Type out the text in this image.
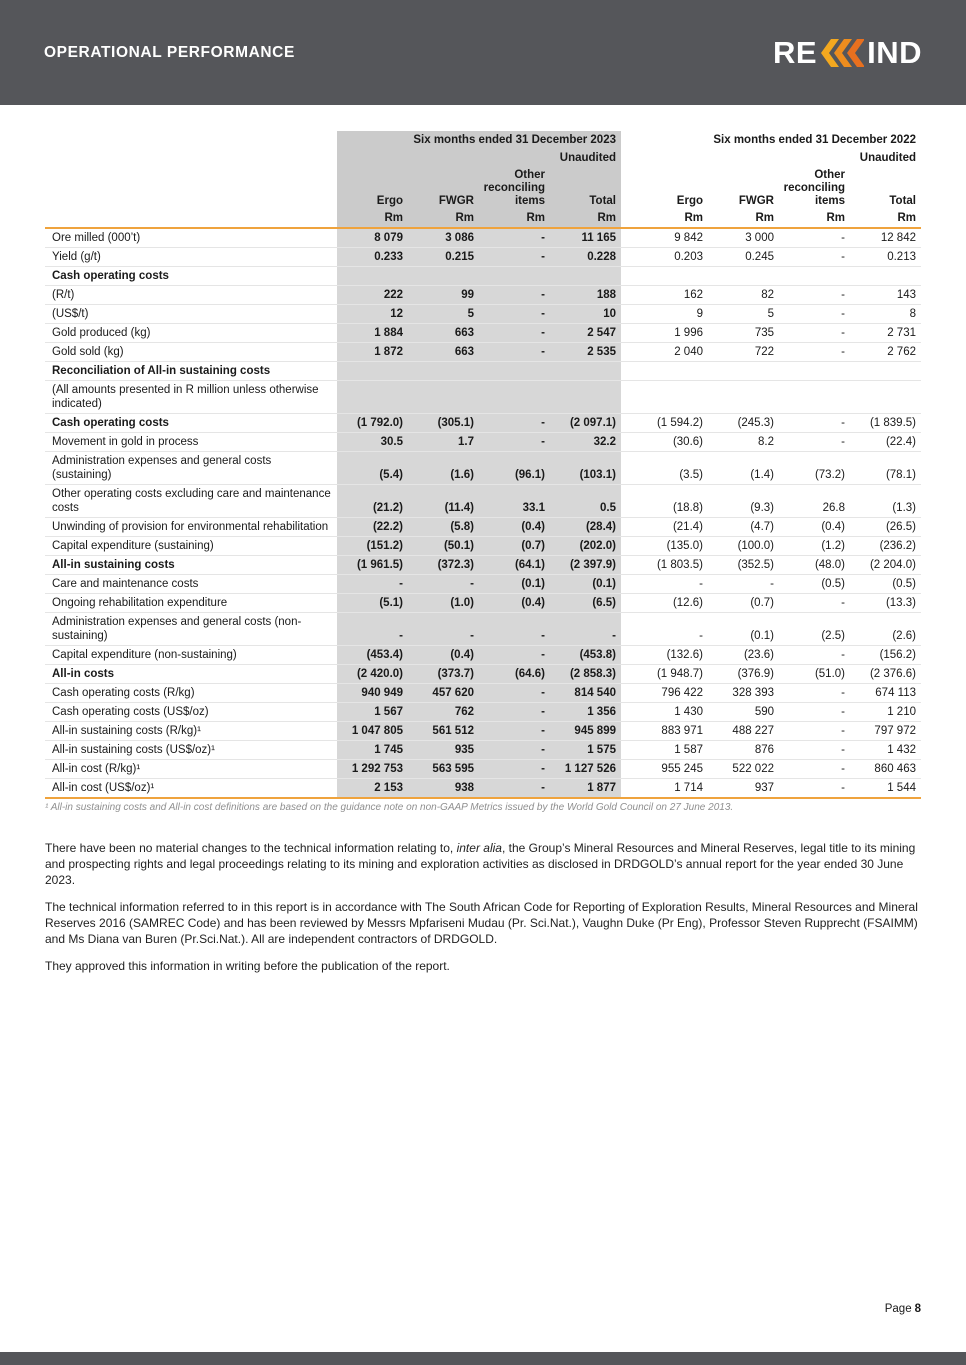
OPERATIONAL PERFORMANCE	RE IND
	Six months ended 31 December 2023					Six months ended 31 December 2022			
	Unaudited					Unaudited			
	Ergo	FWGR	Other reconciling items	Total		Ergo	FWGR	Other reconciling items	Total
	Rm	Rm	Rm	Rm		Rm	Rm	Rm	Rm
Ore milled (000’t)	8 079	3 086	-	11 165		9 842	3 000	-	12 842
Yield (g/t)	0.233	0.215	-	0.228		0.203	0.245	-	0.213
Cash operating costs									
(R/t)	222	99	-	188		162	82	-	143
(US$/t)	12	5	-	10		9	5	-	8
Gold produced (kg)	1 884	663	-	2 547		1 996	735	-	2 731
Gold sold (kg)	1 872	663	-	2 535		2 040	722	-	2 762
Reconciliation of All-in sustaining costs									
(All amounts presented in R million unless otherwise indicated)									
Cash operating costs	(1 792.0)	(305.1)	-	(2 097.1)		(1 594.2)	(245.3)	-	(1 839.5)
Movement in gold in process	30.5	1.7	-	32.2		(30.6)	8.2	-	(22.4)
Administration expenses and general costs (sustaining)	(5.4)	(1.6)	(96.1)	(103.1)		(3.5)	(1.4)	(73.2)	(78.1)
Other operating costs excluding care and maintenance costs	(21.2)	(11.4)	33.1	0.5		(18.8)	(9.3)	26.8	(1.3)
Unwinding of provision for environmental rehabilitation	(22.2)	(5.8)	(0.4)	(28.4)		(21.4)	(4.7)	(0.4)	(26.5)
Capital expenditure (sustaining)	(151.2)	(50.1)	(0.7)	(202.0)		(135.0)	(100.0)	(1.2)	(236.2)
All-in sustaining costs	(1 961.5)	(372.3)	(64.1)	(2 397.9)		(1 803.5)	(352.5)	(48.0)	(2 204.0)
Care and maintenance costs	-	-	(0.1)	(0.1)		-	-	(0.5)	(0.5)
Ongoing rehabilitation expenditure	(5.1)	(1.0)	(0.4)	(6.5)		(12.6)	(0.7)	-	(13.3)
Administration expenses and general costs (non-sustaining)	-	-	-	-		-	(0.1)	(2.5)	(2.6)
Capital expenditure (non-sustaining)	(453.4)	(0.4)	-	(453.8)		(132.6)	(23.6)	-	(156.2)
All-in costs	(2 420.0)	(373.7)	(64.6)	(2 858.3)		(1 948.7)	(376.9)	(51.0)	(2 376.6)
Cash operating costs (R/kg)	940 949	457 620	-	814 540		796 422	328 393	-	674 113
Cash operating costs (US$/oz)	1 567	762	-	1 356		1 430	590	-	1 210
All-in sustaining costs (R/kg)¹	1 047 805	561 512	-	945 899		883 971	488 227	-	797 972
All-in sustaining costs (US$/oz)¹	1 745	935	-	1 575		1 587	876	-	1 432
All-in cost (R/kg)¹	1 292 753	563 595	-	1 127 526		955 245	522 022	-	860 463
All-in cost (US$/oz)¹	2 153	938	-	1 877		1 714	937	-	1 544
¹ All-in sustaining costs and All-in cost definitions are based on the guidance note on non-GAAP Metrics issued by the World Gold Council on 27 June 2013.

There have been no material changes to the technical information relating to, inter alia, the Group’s Mineral Resources and Mineral Reserves, legal title to its mining and prospecting rights and legal proceedings relating to its mining and exploration activities as disclosed in DRDGOLD’s annual report for the year ended 30 June 2023.

The technical information referred to in this report is in accordance with The South African Code for Reporting of Exploration Results, Mineral Resources and Mineral Reserves 2016 (SAMREC Code) and has been reviewed by Messrs Mpfariseni Mudau (Pr. Sci.Nat.), Vaughn Duke (Pr Eng), Professor Steven Rupprecht (FSAIMM) and Ms Diana van Buren (Pr.Sci.Nat.). All are independent contractors of DRDGOLD.

They approved this information in writing before the publication of the report.

Page 8
